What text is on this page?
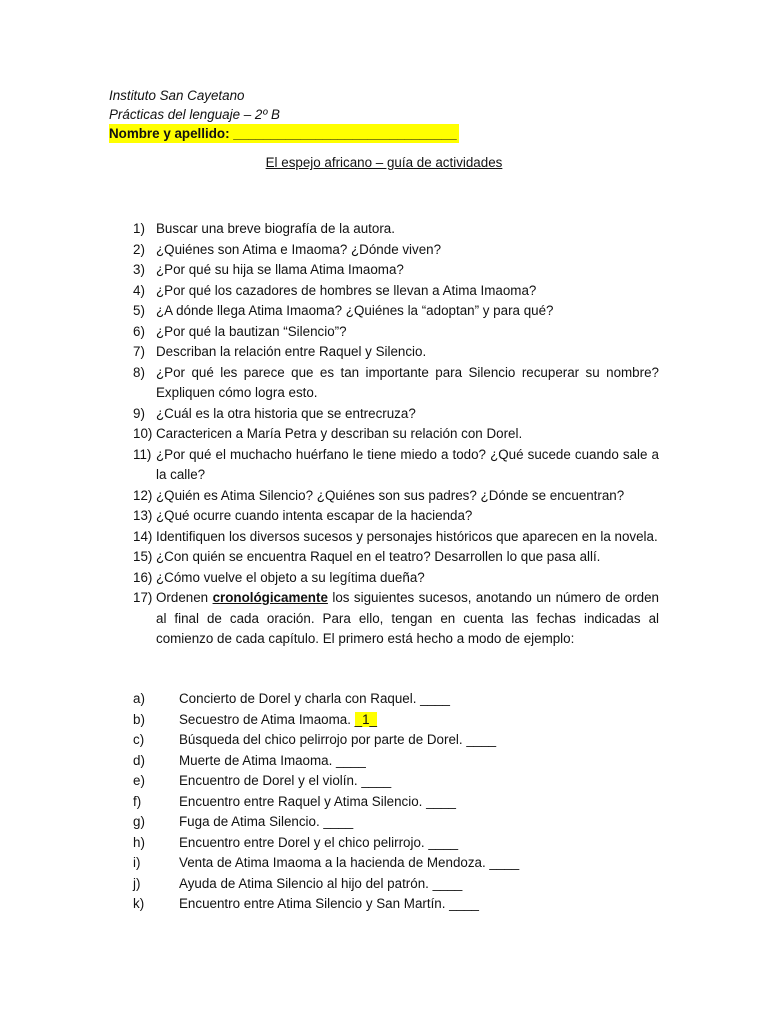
Instituto San Cayetano
Prácticas del lenguaje – 2º B
Nombre y apellido: ______________________________
El espejo africano – guía de actividades
1) Buscar una breve biografía de la autora.
2) ¿Quiénes son Atima e Imaoma? ¿Dónde viven?
3) ¿Por qué su hija se llama Atima Imaoma?
4) ¿Por qué los cazadores de hombres se llevan a Atima Imaoma?
5) ¿A dónde llega Atima Imaoma? ¿Quiénes la “adoptan” y para qué?
6) ¿Por qué la bautizan “Silencio”?
7) Describan la relación entre Raquel y Silencio.
8) ¿Por qué les parece que es tan importante para Silencio recuperar su nombre? Expliquen cómo logra esto.
9) ¿Cuál es la otra historia que se entrecruza?
10) Caractericen a María Petra y describan su relación con Dorel.
11) ¿Por qué el muchacho huérfano le tiene miedo a todo? ¿Qué sucede cuando sale a la calle?
12) ¿Quién es Atima Silencio? ¿Quiénes son sus padres? ¿Dónde se encuentran?
13) ¿Qué ocurre cuando intenta escapar de la hacienda?
14) Identifiquen los diversos sucesos y personajes históricos que aparecen en la novela.
15) ¿Con quién se encuentra Raquel en el teatro? Desarrollen lo que pasa allí.
16) ¿Cómo vuelve el objeto a su legítima dueña?
17) Ordenen cronológicamente los siguientes sucesos, anotando un número de orden al final de cada oración. Para ello, tengan en cuenta las fechas indicadas al comienzo de cada capítulo. El primero está hecho a modo de ejemplo:
a)	Concierto de Dorel y charla con Raquel. ____
b)	Secuestro de Atima Imaoma. _1_
c)	Búsqueda del chico pelirrojo por parte de Dorel. ____
d)	Muerte de Atima Imaoma. ____
e)	Encuentro de Dorel y el violín. ____
f)	Encuentro entre Raquel y Atima Silencio. ____
g)	Fuga de Atima Silencio. ____
h)	Encuentro entre Dorel y el chico pelirrojo. ____
i)	Venta de Atima Imaoma a la hacienda de Mendoza. ____
j)	Ayuda de Atima Silencio al hijo del patrón. ____
k)	Encuentro entre Atima Silencio y San Martín. ____
